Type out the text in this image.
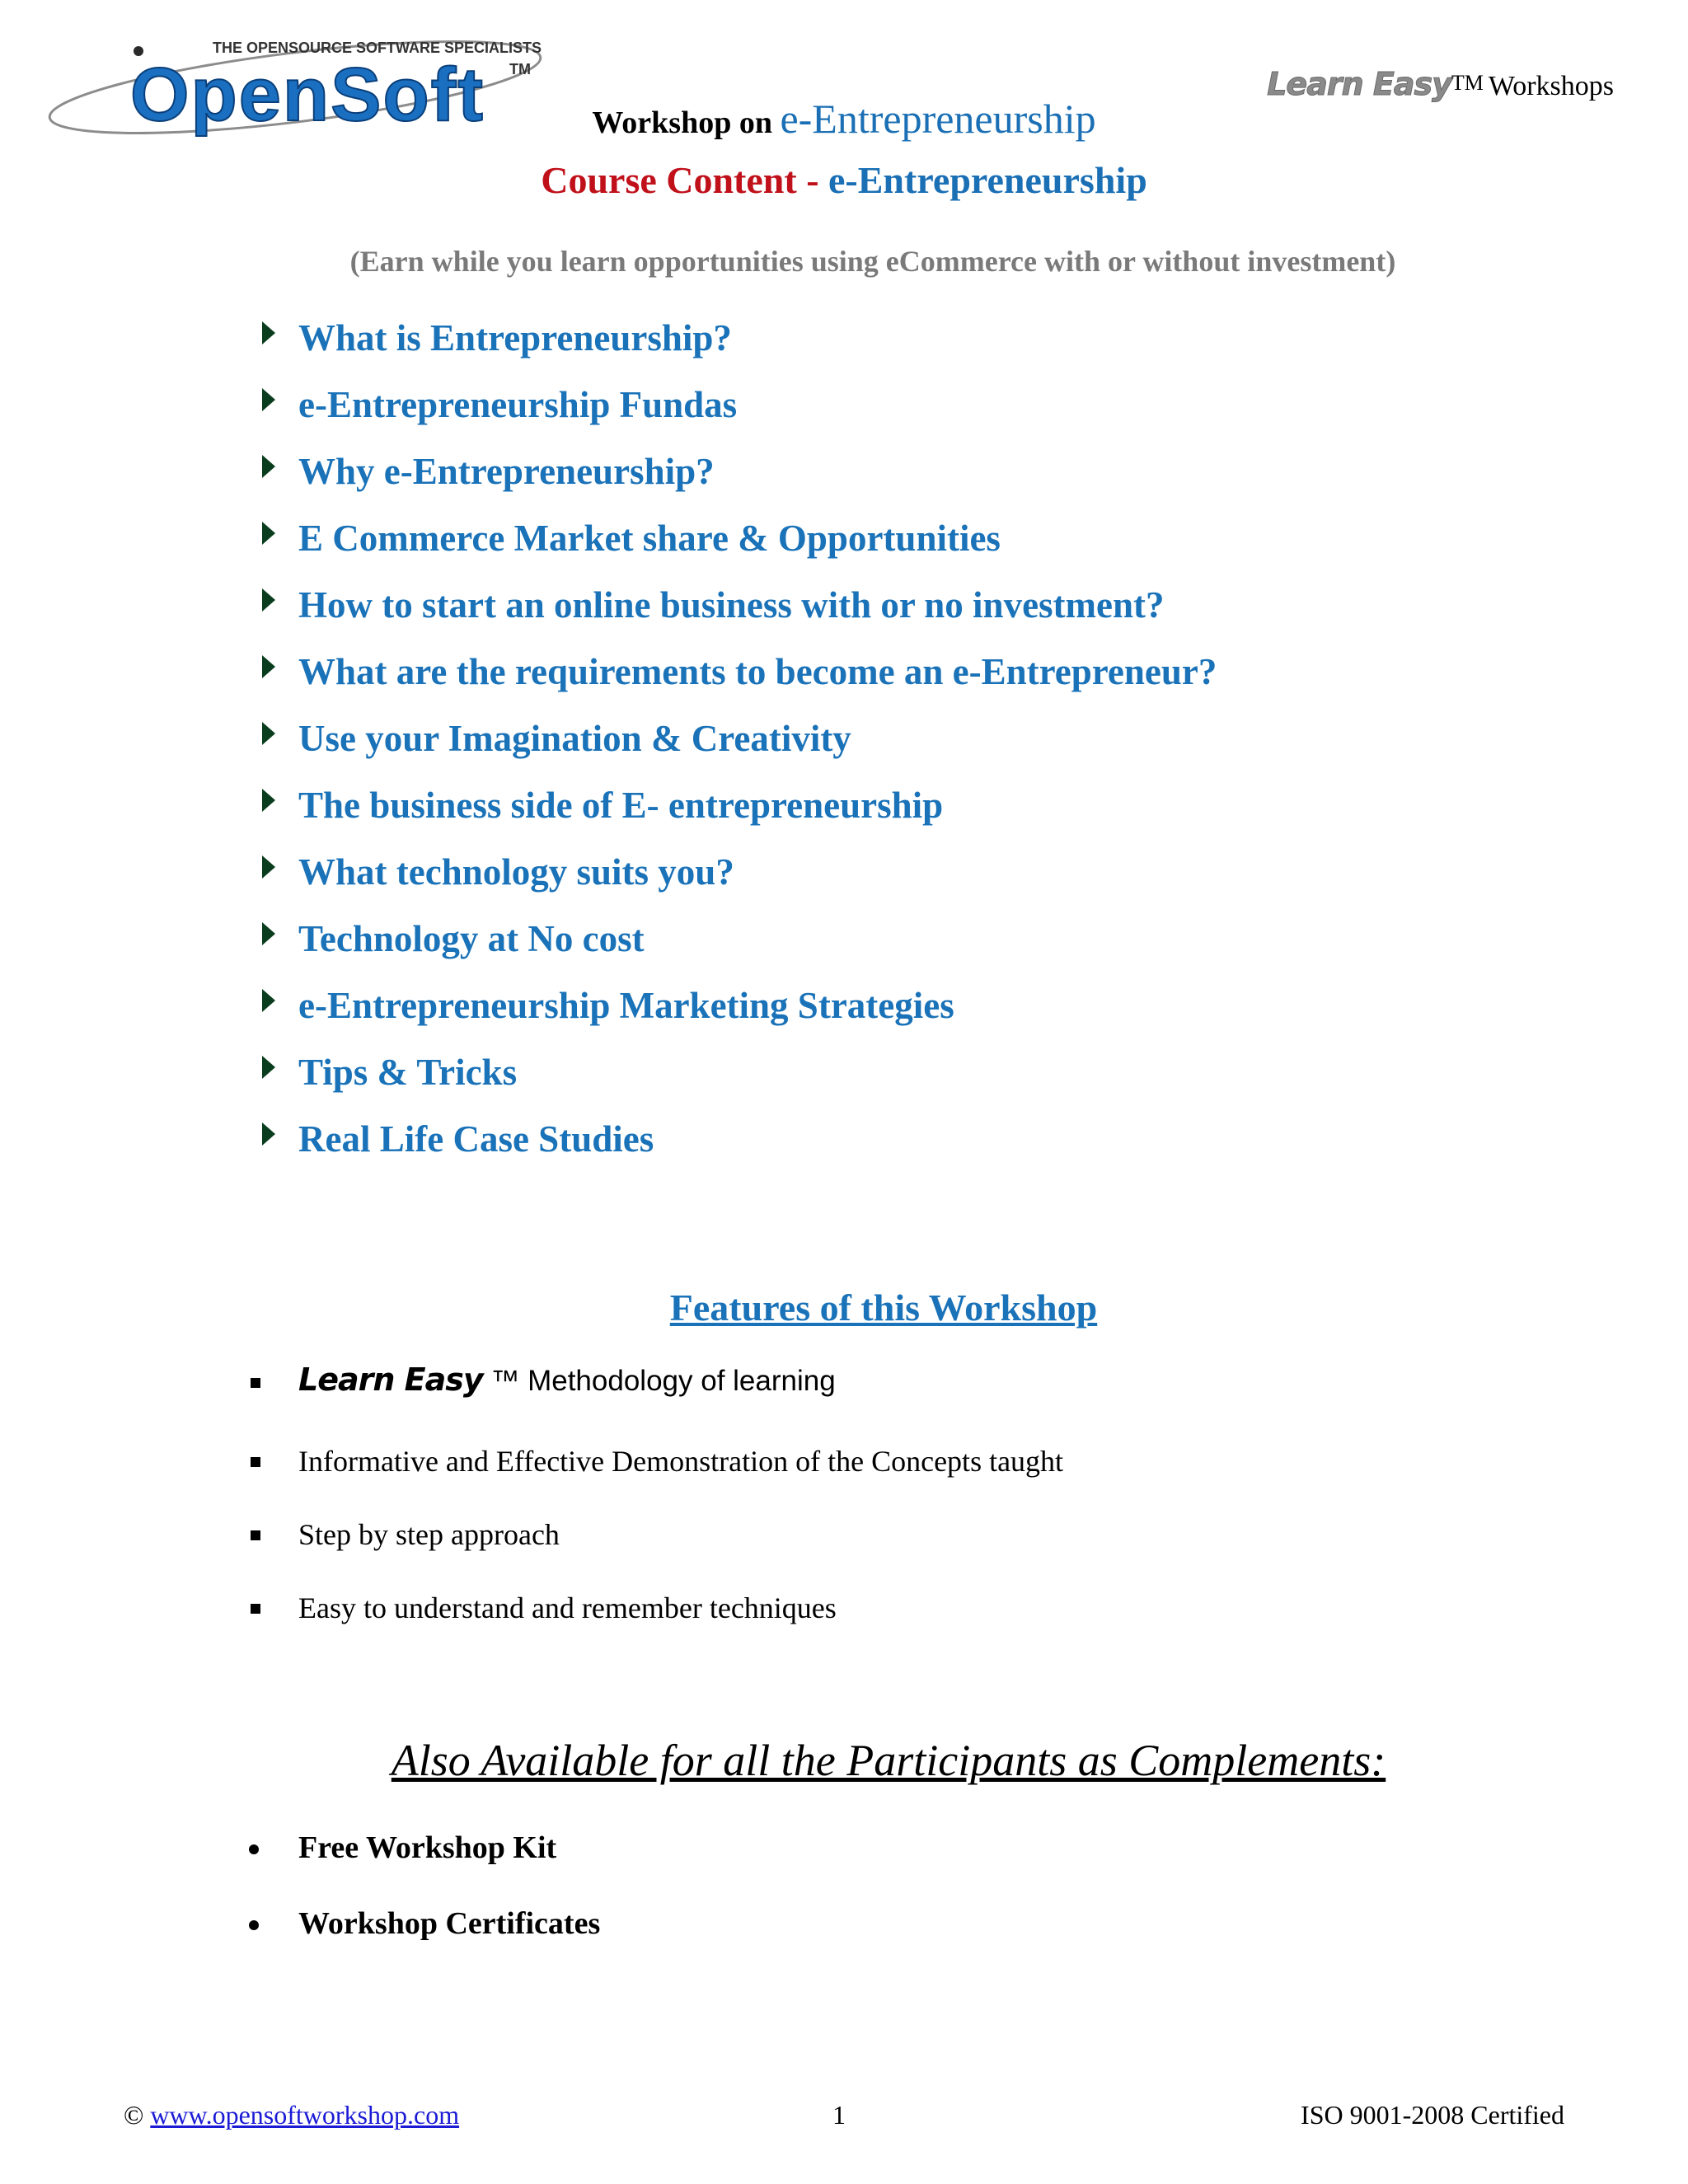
THE OPENSOURCE SOFTWARE SPECIALISTS
OpenSoft TM	Learn EasyTM Workshops
Workshop on e-Entrepreneurship
Course Content - e-Entrepreneurship
(Earn while you learn opportunities using eCommerce with or without investment)
What is Entrepreneurship?
e-Entrepreneurship Fundas
Why e-Entrepreneurship?
E Commerce Market share & Opportunities
How to start an online business with or no investment?
What are the requirements to become an e-Entrepreneur?
Use your Imagination & Creativity
The business side of E- entrepreneurship
What technology suits you?
Technology at No cost
e-Entrepreneurship Marketing Strategies
Tips & Tricks
Real Life Case Studies
Features of this Workshop
Learn Easy ™ Methodology of learning
Informative and Effective Demonstration of the Concepts taught
Step by step approach
Easy to understand and remember techniques
Also Available for all the Participants as Complements:
Free Workshop Kit
Workshop Certificates
© www.opensoftworkshop.com	1	ISO 9001-2008 Certified
